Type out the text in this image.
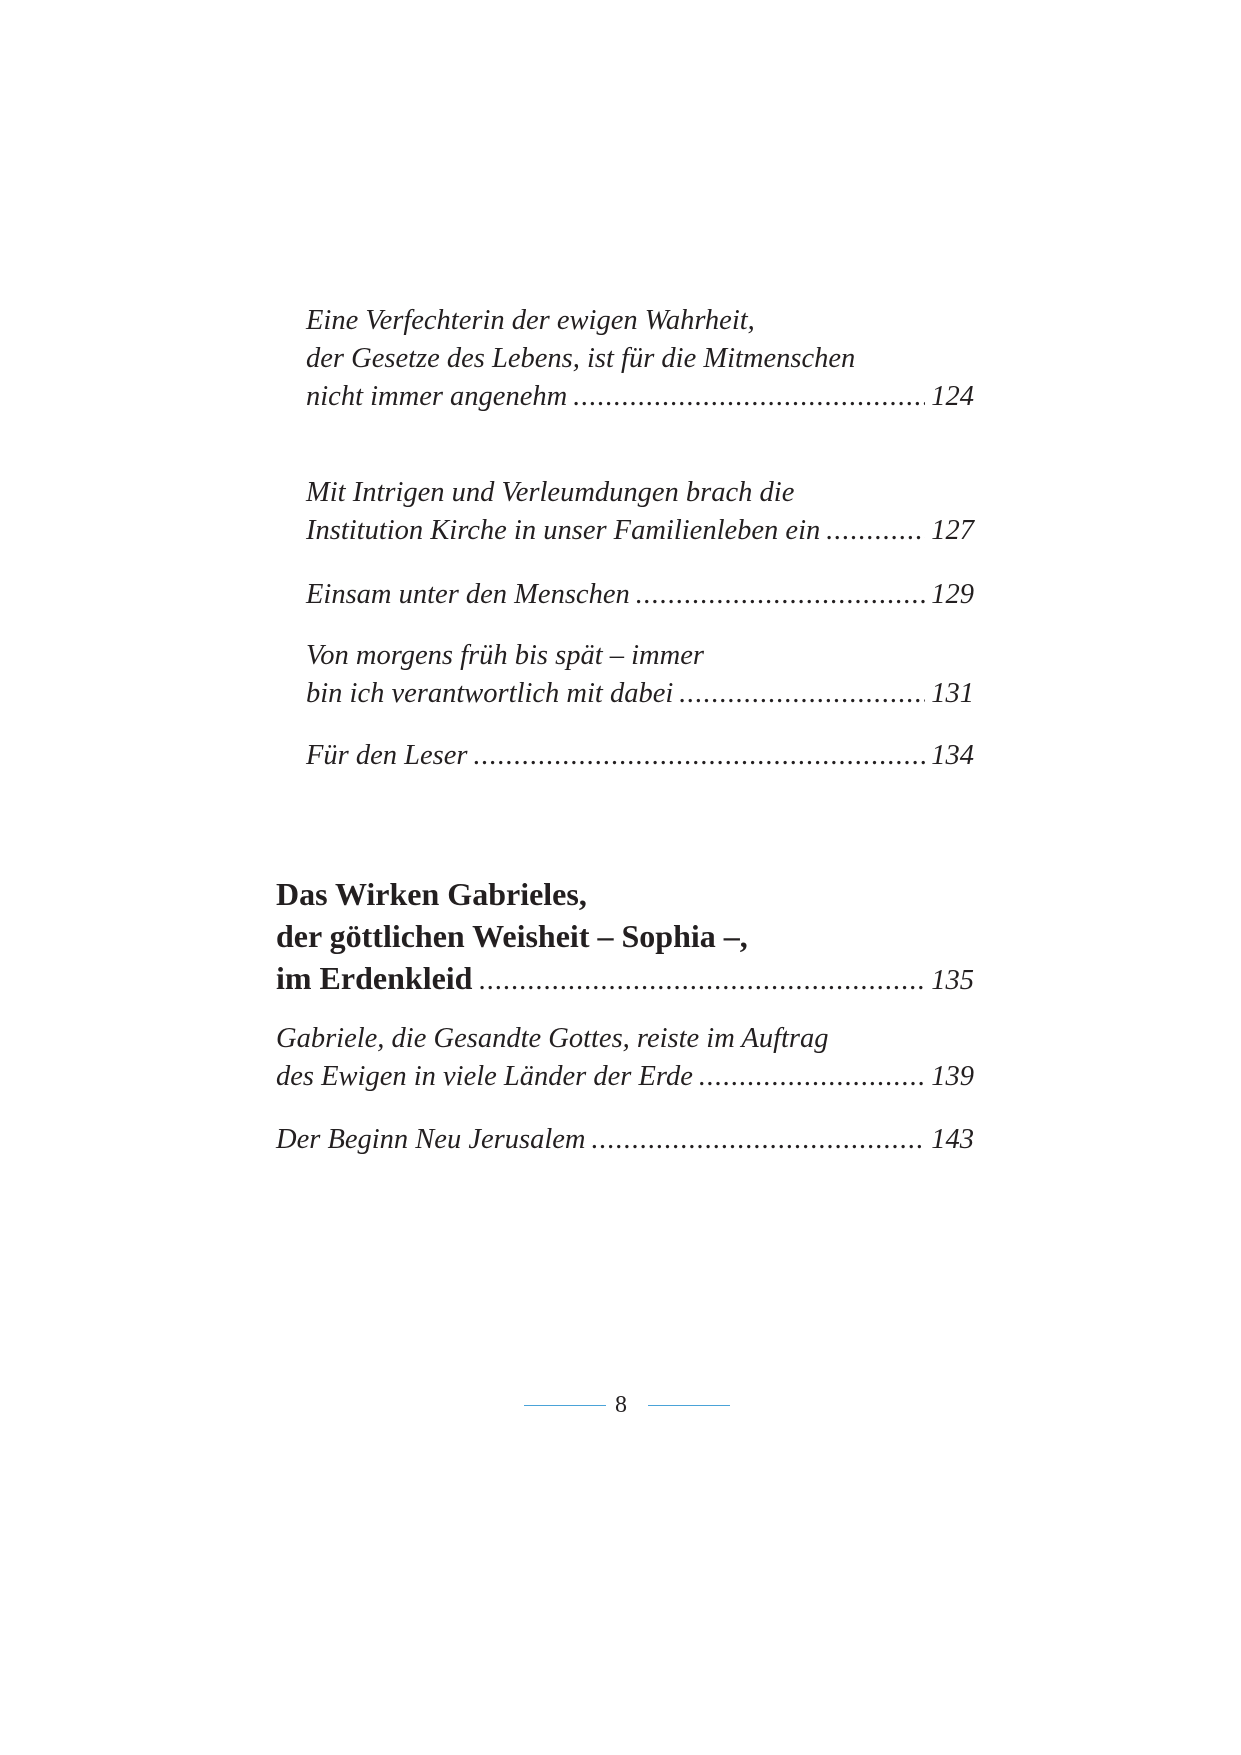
Eine Verfechterin der ewigen Wahrheit,
der Gesetze des Lebens, ist für die Mitmenschen
nicht immer angenehm .....	124
Mit Intrigen und Verleumdungen brach die
Institution Kirche in unser Familienleben ein .....	127
Einsam unter den Menschen .....	129
Von morgens früh bis spät – immer
bin ich verantwortlich mit dabei .....	131
Für den Leser .....	134
Das Wirken Gabrieles,
der göttlichen Weisheit – Sophia –,
im Erdenkleid .....	135
Gabriele, die Gesandte Gottes, reiste im Auftrag
des Ewigen in viele Länder der Erde .....	139
Der Beginn Neu Jerusalem .....	143
8
